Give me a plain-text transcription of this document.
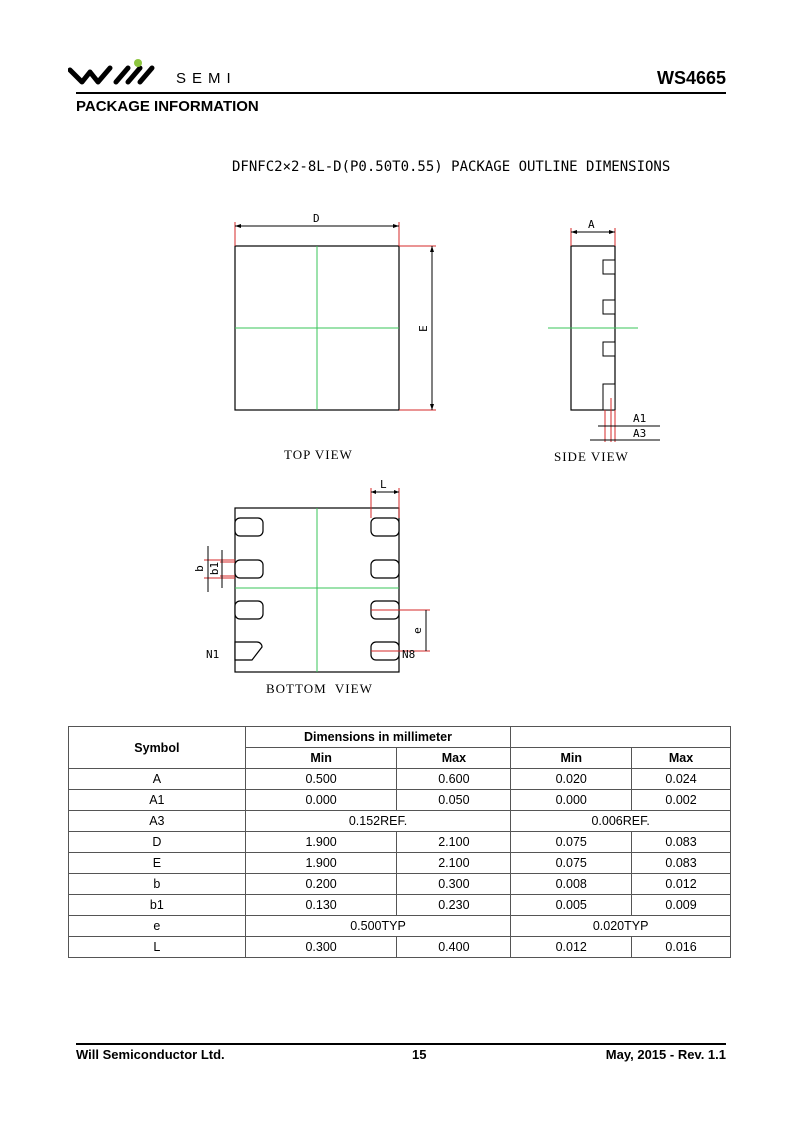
SEMI	WS4665
PACKAGE INFORMATION
DFNFC2×2-8L-D(P0.50T0.55) PACKAGE OUTLINE DIMENSIONS
D
E
TOP VIEW
A
A1
A3
SIDE VIEW
L
b b1
e
N1	N8
BOTTOM  VIEW
Symbol	Dimensions in millimeter			
	Min	Max	Min	Max
A	0.500	0.600	0.020	0.024
A1	0.000	0.050	0.000	0.002
A3	0.152REF.		0.006REF.	
D	1.900	2.100	0.075	0.083
E	1.900	2.100	0.075	0.083
b	0.200	0.300	0.008	0.012
b1	0.130	0.230	0.005	0.009
e	0.500TYP		0.020TYP	
L	0.300	0.400	0.012	0.016
Will Semiconductor Ltd.	15	May, 2015 - Rev. 1.1
